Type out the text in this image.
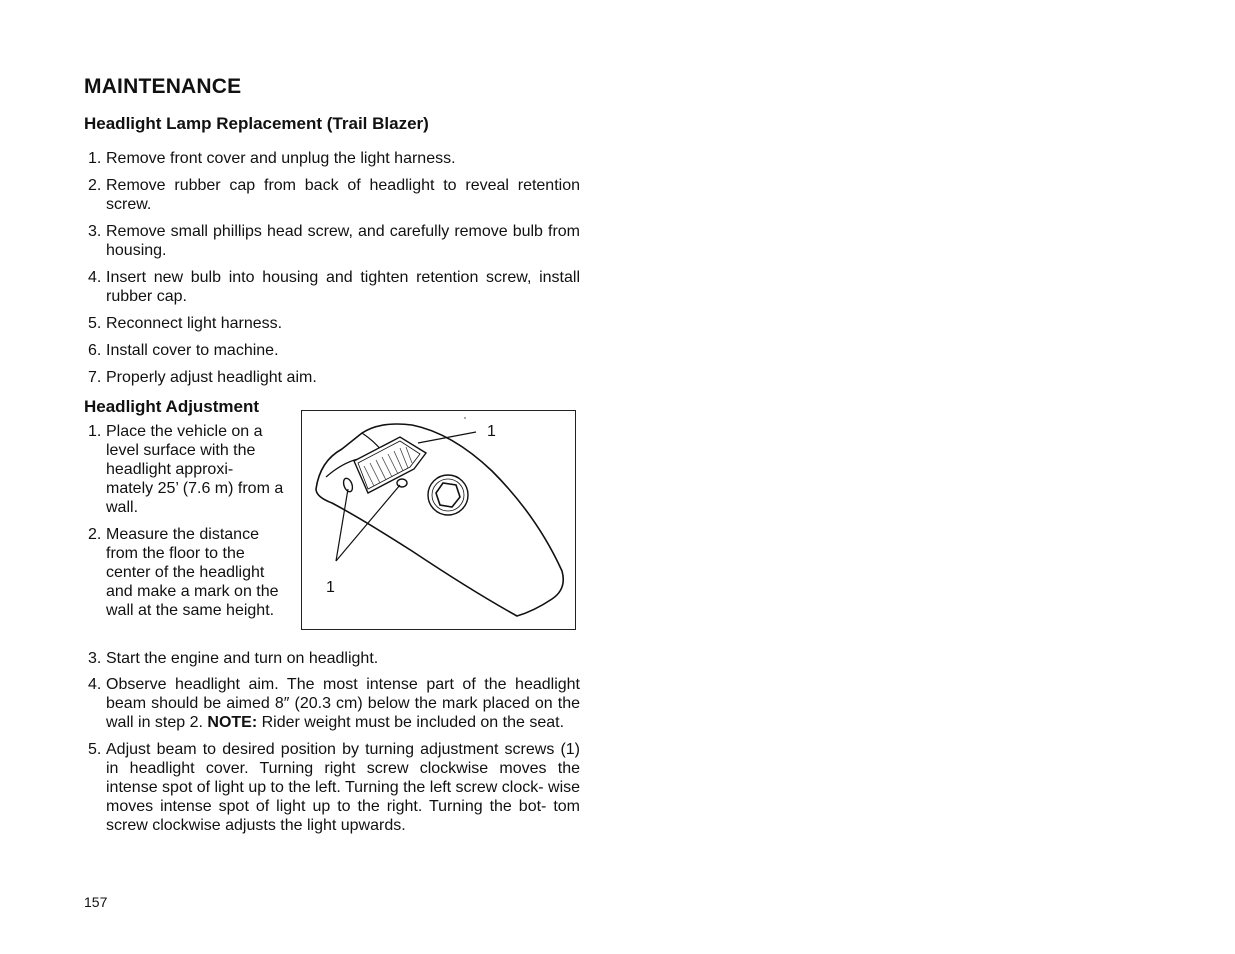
MAINTENANCE
Headlight Lamp Replacement (Trail Blazer)
1. Remove front cover and unplug the light harness.
2. Remove rubber cap from back of headlight to reveal retention screw.
3. Remove small phillips head screw, and carefully remove bulb from housing.
4. Insert new bulb into housing and tighten retention screw, install rubber cap.
5. Reconnect light harness.
6. Install cover to machine.
7. Properly adjust headlight aim.
Headlight Adjustment
1. Place the vehicle on a level surface with the headlight approxi- mately 25’ (7.6 m) from a wall.
2. Measure the distance from the floor to the center of the headlight and make a mark on the wall at the same height.
1
1
3. Start the engine and turn on headlight.
4. Observe headlight aim. The most intense part of the headlight beam should be aimed 8″ (20.3 cm) below the mark placed on the wall in step 2. NOTE: Rider weight must be included on the seat.
5. Adjust beam to desired position by turning adjustment screws (1) in headlight cover. Turning right screw clockwise moves the intense spot of light up to the left. Turning the left screw clock- wise moves intense spot of light up to the right. Turning the bot- tom screw clockwise adjusts the light upwards.
157
